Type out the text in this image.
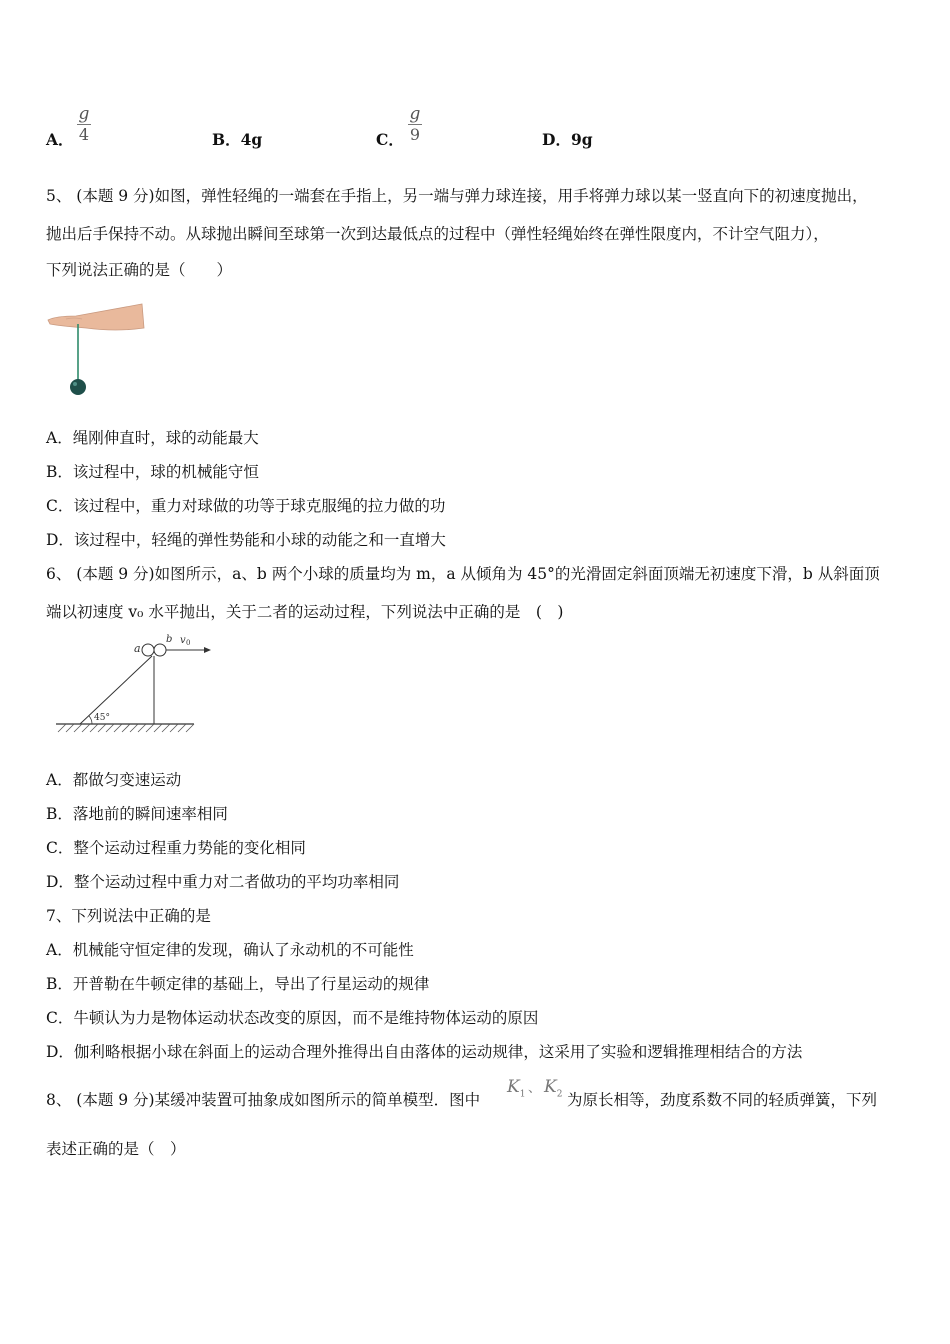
A．
g
4	B．4g	C．
g
9	D．9g
5、 (本题 9 分)如图，弹性轻绳的一端套在手指上，另一端与弹力球连接，用手将弹力球以某一竖直向下的初速度抛出，
抛出后手保持不动。从球抛出瞬间至球第一次到达最低点的过程中（弹性轻绳始终在弹性限度内，不计空气阻力），
下列说法正确的是（　　）
A．绳刚伸直时，球的动能最大
B．该过程中，球的机械能守恒
C．该过程中，重力对球做的功等于球克服绳的拉力做的功
D．该过程中，轻绳的弹性势能和小球的动能之和一直增大
6、 (本题 9 分)如图所示，a、b 两个小球的质量均为 m，a 从倾角为 45°的光滑固定斜面顶端无初速度下滑，b 从斜面顶
端以初速度 v₀ 水平抛出，关于二者的运动过程，下列说法中正确的是　(　)
a
b v 0
45°
A．都做匀变速运动
B．落地前的瞬间速率相同
C．整个运动过程重力势能的变化相同
D．整个运动过程中重力对二者做功的平均功率相同
7、下列说法中正确的是
A．机械能守恒定律的发现，确认了永动机的不可能性
B．开普勒在牛顿定律的基础上，导出了行星运动的规律
C．牛顿认为力是物体运动状态改变的原因，而不是维持物体运动的原因
D．伽利略根据小球在斜面上的运动合理外推得出自由落体的运动规律，这采用了实验和逻辑推理相结合的方法
8、 (本题 9 分)某缓冲装置可抽象成如图所示的简单模型．图中
$K_1$ 、 $K_2$ 为原长相等，劲度系数不同的轻质弹簧，下列
表述正确的是（　）
